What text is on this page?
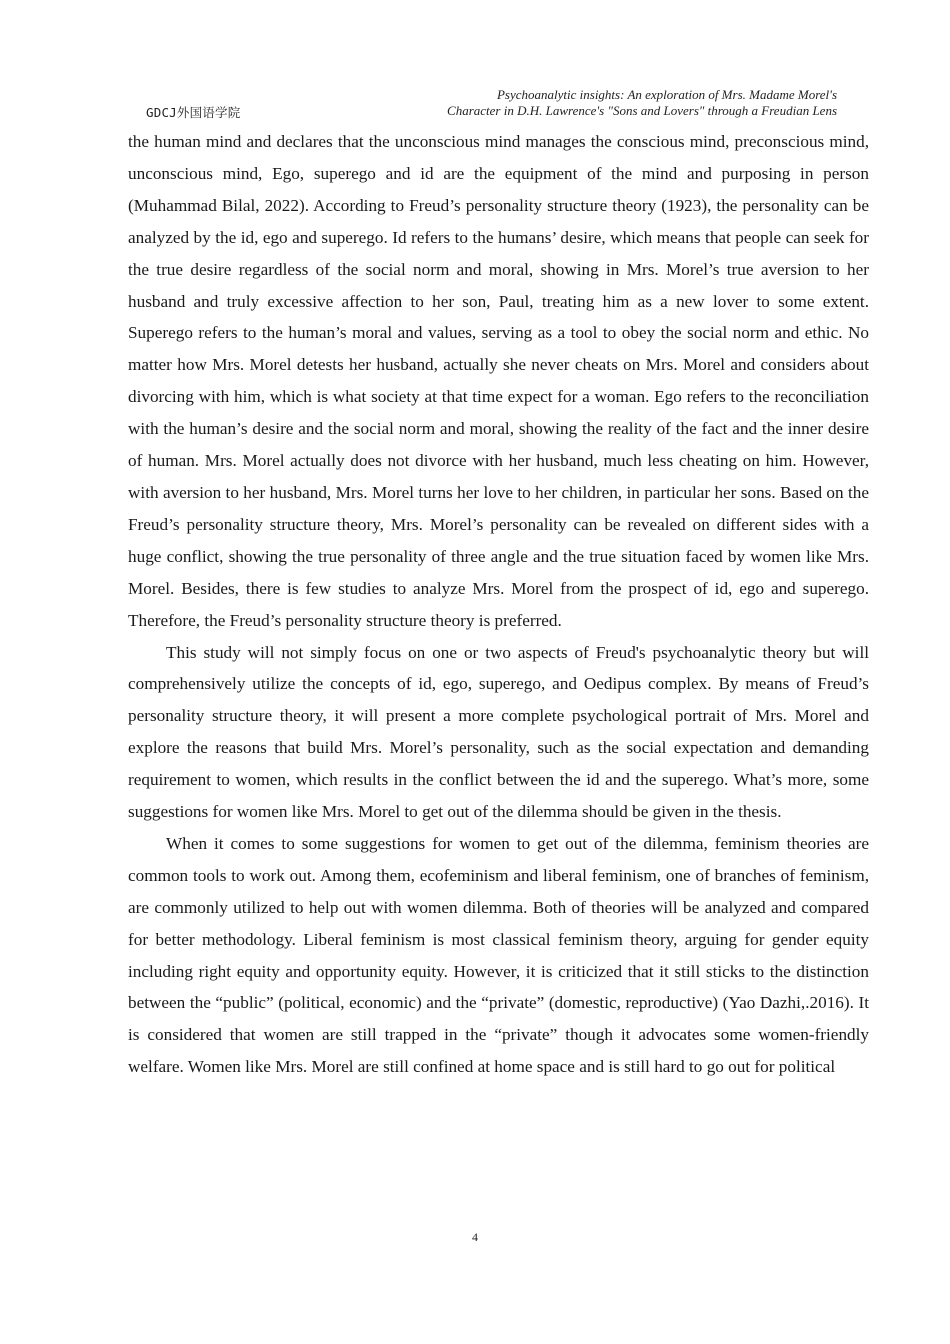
GDCJ外国语学院
Psychoanalytic insights: An exploration of Mrs. Madame Morel's
Character in D.H. Lawrence's "Sons and Lovers" through a Freudian Lens

the human mind and declares that the unconscious mind manages the conscious mind, preconscious mind, unconscious mind, Ego, superego and id are the equipment of the mind and purposing in person (Muhammad Bilal, 2022). According to Freud’s personality structure theory (1923), the personality can be analyzed by the id, ego and superego. Id refers to the humans’ desire, which means that people can seek for the true desire regardless of the social norm and moral, showing in Mrs. Morel’s true aversion to her husband and truly excessive affection to her son, Paul, treating him as a new lover to some extent. Superego refers to the human’s moral and values, serving as a tool to obey the social norm and ethic. No matter how Mrs. Morel detests her husband, actually she never cheats on Mrs. Morel and considers about divorcing with him, which is what society at that time expect for a woman. Ego refers to the reconciliation with the human’s desire and the social norm and moral, showing the reality of the fact and the inner desire of human. Mrs. Morel actually does not divorce with her husband, much less cheating on him. However, with aversion to her husband, Mrs. Morel turns her love to her children, in particular her sons. Based on the Freud’s personality structure theory, Mrs. Morel’s personality can be revealed on different sides with a huge conflict, showing the true personality of three angle and the true situation faced by women like Mrs. Morel. Besides, there is few studies to analyze Mrs. Morel from the prospect of id, ego and superego. Therefore, the Freud’s personality structure theory is preferred.

This study will not simply focus on one or two aspects of Freud's psychoanalytic theory but will comprehensively utilize the concepts of id, ego, superego, and Oedipus complex. By means of Freud’s personality structure theory, it will present a more complete psychological portrait of Mrs. Morel and explore the reasons that build Mrs. Morel’s personality, such as the social expectation and demanding requirement to women, which results in the conflict between the id and the superego. What’s more, some suggestions for women like Mrs. Morel to get out of the dilemma should be given in the thesis.

When it comes to some suggestions for women to get out of the dilemma, feminism theories are common tools to work out. Among them, ecofeminism and liberal feminism, one of branches of feminism, are commonly utilized to help out with women dilemma. Both of theories will be analyzed and compared for better methodology. Liberal feminism is most classical feminism theory, arguing for gender equity including right equity and opportunity equity. However, it is criticized that it still sticks to the distinction between the “public” (political, economic) and the “private” (domestic, reproductive) (Yao Dazhi,.2016). It is considered that women are still trapped in the “private” though it advocates some women-friendly welfare. Women like Mrs. Morel are still confined at home space and is still hard to go out for political

4
